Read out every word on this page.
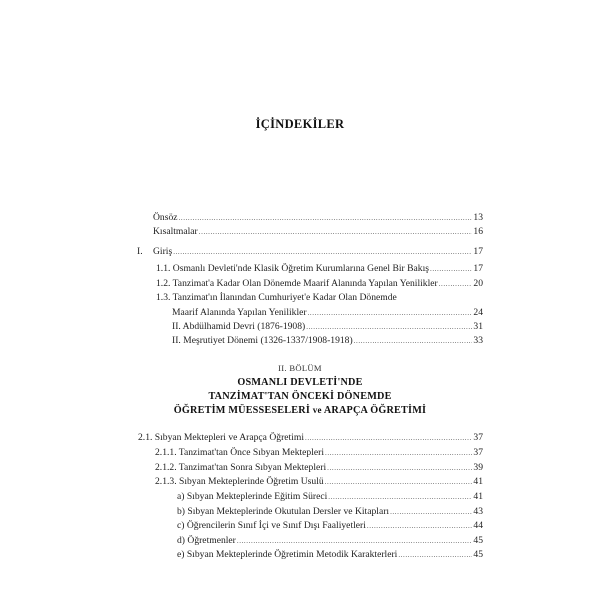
İÇİNDEKİLER
Önsöz .....	13
Kısaltmalar .....	16
I. Giriş .....	17
1.1. Osmanlı Devleti'nde Klasik Öğretim Kurumlarına Genel Bir Bakış .....	17
1.2. Tanzimat'a Kadar Olan Dönemde Maarif Alanında Yapılan Yenilikler .....	20
1.3. Tanzimat'ın İlanından Cumhuriyet'e Kadar Olan Dönemde
Maarif Alanında Yapılan Yenilikler .....	24
II. Abdülhamid Devri (1876-1908) .....	31
II. Meşrutiyet Dönemi (1326-1337/1908-1918) .....	33
II. BÖLÜM
OSMANLI DEVLETİ'NDE
TANZİMAT'TAN ÖNCEKİ DÖNEMDE
ÖĞRETİM MÜESSESELERİ ve ARAPÇA ÖĞRETİMİ
2.1. Sıbyan Mektepleri ve Arapça Öğretimi .....	37
2.1.1. Tanzimat'tan Önce Sıbyan Mektepleri .....	37
2.1.2. Tanzimat'tan Sonra Sıbyan Mektepleri .....	39
2.1.3. Sıbyan Mekteplerinde Öğretim Usulü .....	41
a) Sıbyan Mekteplerinde Eğitim Süreci .....	41
b) Sıbyan Mekteplerinde Okutulan Dersler ve Kitapları .....	43
c) Öğrencilerin Sınıf İçi ve Sınıf Dışı Faaliyetleri .....	44
d) Öğretmenler .....	45
e) Sıbyan Mekteplerinde Öğretimin Metodik Karakterleri .....	45
